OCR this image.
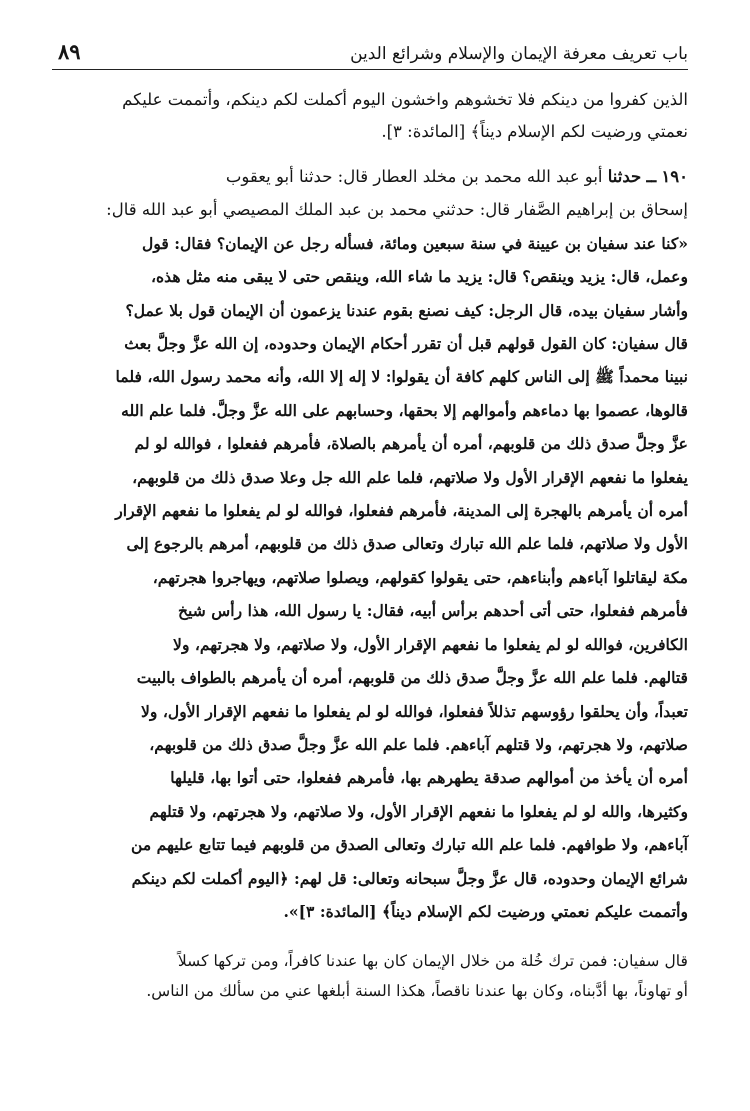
باب تعريف معرفة الإيمان والإسلام وشرائع الدين
٨٩

الذين كفروا من دينكم فلا تخشوهم واخشون اليوم أكملت لكم دينكم، وأتممت عليكم
نعمتي ورضيت لكم الإسلام ديناً﴾ [المائدة: ٣].

١٩٠ ــ حدثنا أبو عبد الله محمد بن مخلد العطار قال: حدثنا أبو يعقوب
إسحاق بن إبراهيم الصَّفار قال: حدثني محمد بن عبد الملك المصيصي أبو عبد الله قال:
«كنا عند سفيان بن عيينة في سنة سبعين ومائة، فسأله رجل عن الإيمان؟ فقال: قول
وعمل، قال: يزيد وينقص؟ قال: يزيد ما شاء الله، وينقص حتى لا يبقى منه مثل هذه،
وأشار سفيان بيده، قال الرجل: كيف نصنع بقوم عندنا يزعمون أن الإيمان قول بلا عمل؟
قال سفيان: كان القول قولهم قبل أن تقرر أحكام الإيمان وحدوده، إن الله عزَّ وجلَّ بعث
نبينا محمداً ﷺ إلى الناس كلهم كافة أن يقولوا: لا إله إلا الله، وأنه محمد رسول الله، فلما
قالوها، عصموا بها دماءهم وأموالهم إلا بحقها، وحسابهم على الله عزَّ وجلَّ. فلما علم الله
عزَّ وجلَّ صدق ذلك من قلوبهم، أمره أن يأمرهم بالصلاة، فأمرهم ففعلوا ، فوالله لو لم
يفعلوا ما نفعهم الإقرار الأول ولا صلاتهم، فلما علم الله جل وعلا صدق ذلك من قلوبهم،
أمره أن يأمرهم بالهجرة إلى المدينة، فأمرهم ففعلوا، فوالله لو لم يفعلوا ما نفعهم الإقرار
الأول ولا صلاتهم، فلما علم الله تبارك وتعالى صدق ذلك من قلوبهم، أمرهم بالرجوع إلى
مكة ليقاتلوا آباءهم وأبناءهم، حتى يقولوا كقولهم، ويصلوا صلاتهم، ويهاجروا هجرتهم،
فأمرهم ففعلوا، حتى أتى أحدهم برأس أبيه، فقال: يا رسول الله، هذا رأس شيخ
الكافرين، فوالله لو لم يفعلوا ما نفعهم الإقرار الأول، ولا صلاتهم، ولا هجرتهم، ولا
قتالهم. فلما علم الله عزَّ وجلَّ صدق ذلك من قلوبهم، أمره أن يأمرهم بالطواف بالبيت
تعبداً، وأن يحلقوا رؤوسهم تذللاً ففعلوا، فوالله لو لم يفعلوا ما نفعهم الإقرار الأول، ولا
صلاتهم، ولا هجرتهم، ولا قتلهم آباءهم. فلما علم الله عزَّ وجلَّ صدق ذلك من قلوبهم،
أمره أن يأخذ من أموالهم صدقة يطهرهم بها، فأمرهم ففعلوا، حتى أتوا بها، قليلها
وكثيرها، والله لو لم يفعلوا ما نفعهم الإقرار الأول، ولا صلاتهم، ولا هجرتهم، ولا قتلهم
آباءهم، ولا طوافهم. فلما علم الله تبارك وتعالى الصدق من قلوبهم فيما تتابع عليهم من
شرائع الإيمان وحدوده، قال عزَّ وجلَّ سبحانه وتعالى: قل لهم: ﴿اليوم أكملت لكم دينكم
وأتممت عليكم نعمتي ورضيت لكم الإسلام ديناً﴾ [المائدة: ٣]».

قال سفيان: فمن ترك خُلة من خلال الإيمان كان بها عندنا كافراً، ومن تركها كسلاً
أو تهاوناً، بها أدَّبناه، وكان بها عندنا ناقصاً، هكذا السنة أبلغها عني من سألك من الناس.
